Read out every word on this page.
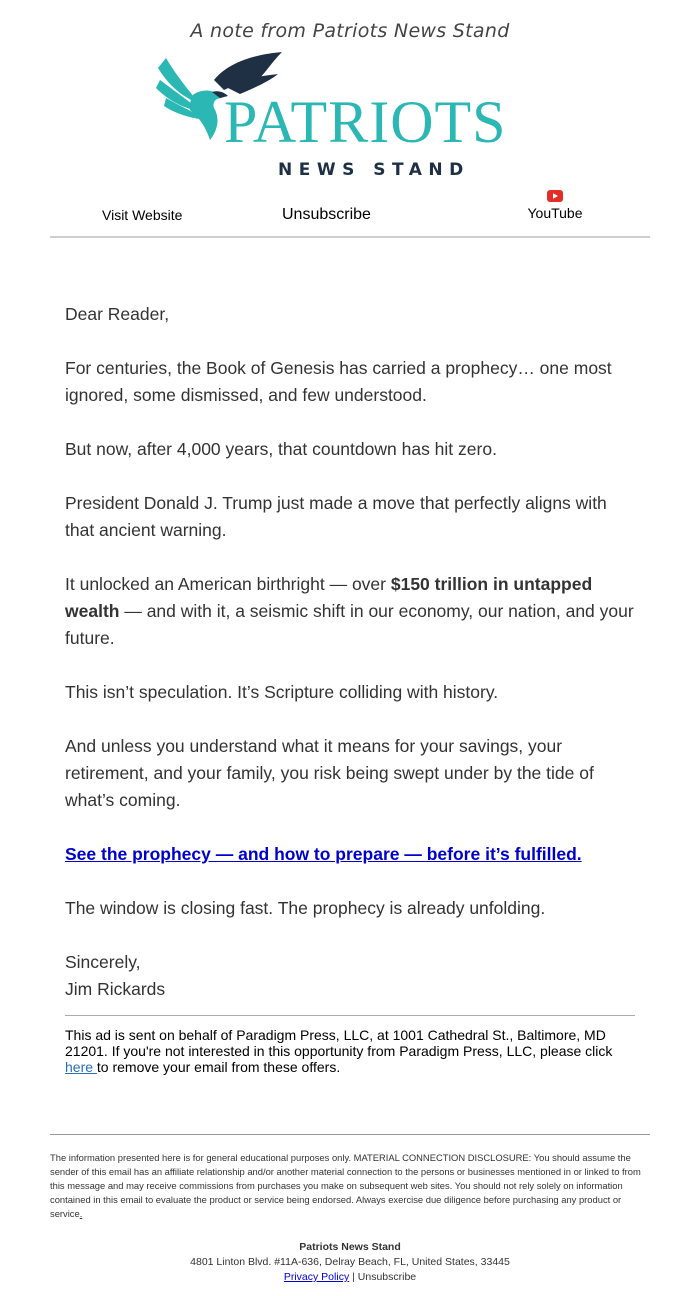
A note from Patriots News Stand
PATRIOTS
NEWS STAND
Visit Website	Unsubscribe	YouTube

Dear Reader,

For centuries, the Book of Genesis has carried a prophecy… one most ignored, some dismissed, and few understood.

But now, after 4,000 years, that countdown has hit zero.

President Donald J. Trump just made a move that perfectly aligns with that ancient warning.

It unlocked an American birthright — over $150 trillion in untapped wealth — and with it, a seismic shift in our economy, our nation, and your future.

This isn’t speculation. It’s Scripture colliding with history.

And unless you understand what it means for your savings, your retirement, and your family, you risk being swept under by the tide of what’s coming.

See the prophecy — and how to prepare — before it’s fulfilled.

The window is closing fast. The prophecy is already unfolding.

Sincerely,
Jim Rickards

This ad is sent on behalf of Paradigm Press, LLC, at 1001 Cathedral St., Baltimore, MD 21201. If you're not interested in this opportunity from Paradigm Press, LLC, please click here to remove your email from these offers.
The information presented here is for general educational purposes only. MATERIAL CONNECTION DISCLOSURE: You should assume the sender of this email has an affiliate relationship and/or another material connection to the persons or businesses mentioned in or linked to from this message and may receive commissions from purchases you make on subsequent web sites. You should not rely solely on information contained in this email to evaluate the product or service being endorsed. Always exercise due diligence before purchasing any product or service.
Patriots News Stand
4801 Linton Blvd. #11A-636, Delray Beach, FL, United States, 33445
Privacy Policy | Unsubscribe
